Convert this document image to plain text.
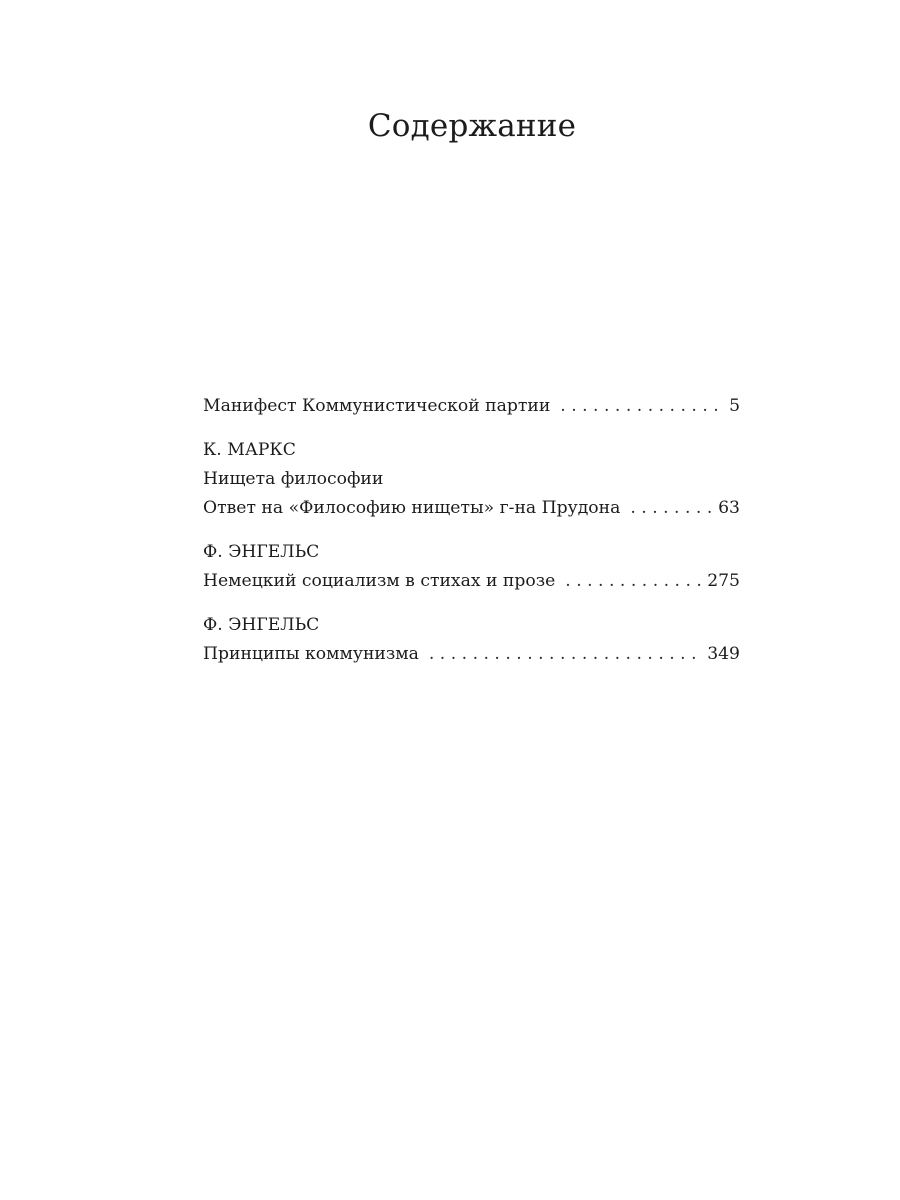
Содержание
Манифест Коммунистической партии . . .	5
К. МАРКС
Нищета философии
Ответ на «Философию нищеты» г-на Прудона . . .	63
Ф. ЭНГЕЛЬС
Немецкий социализм в стихах и прозе . . .	275
Ф. ЭНГЕЛЬС
Принципы коммунизма . . .	349
